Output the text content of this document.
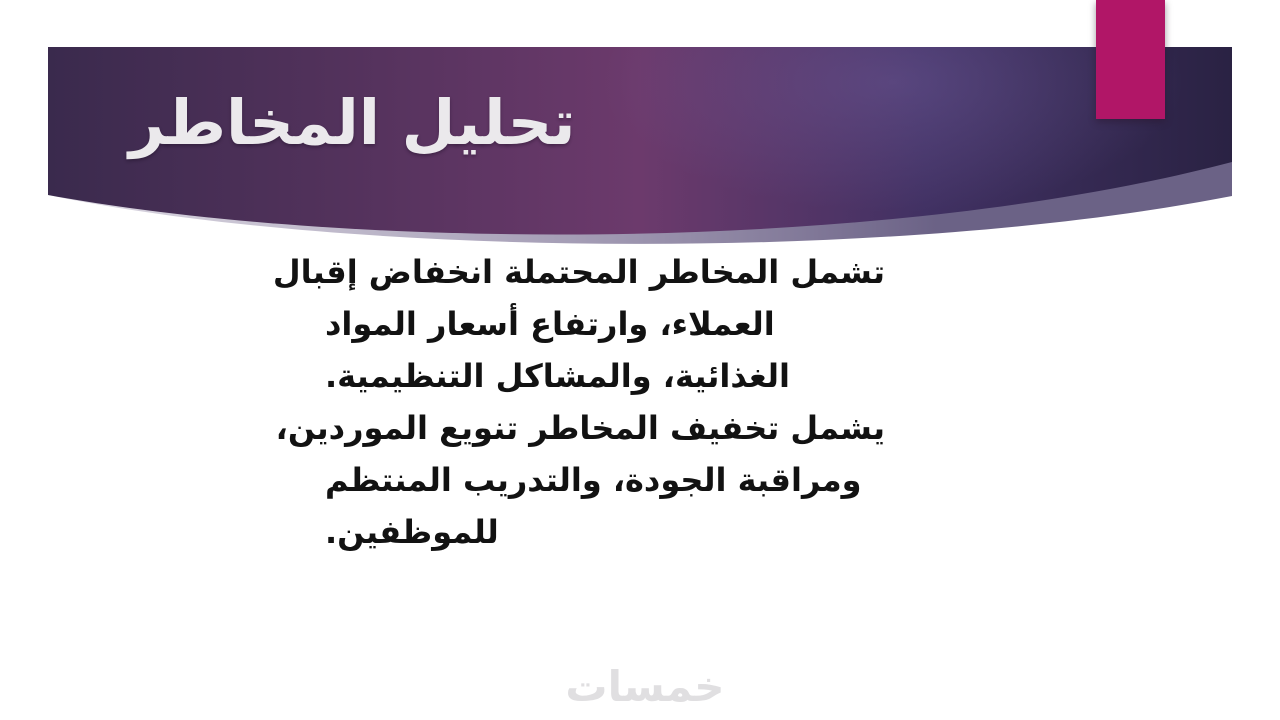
تحليل المخاطر
تشمل المخاطر المحتملة انخفاض إقبال
العملاء، وارتفاع أسعار المواد
الغذائية، والمشاكل التنظيمية.
يشمل تخفيف المخاطر تنويع الموردين،
ومراقبة الجودة، والتدريب المنتظم
للموظفين.
خمسات
